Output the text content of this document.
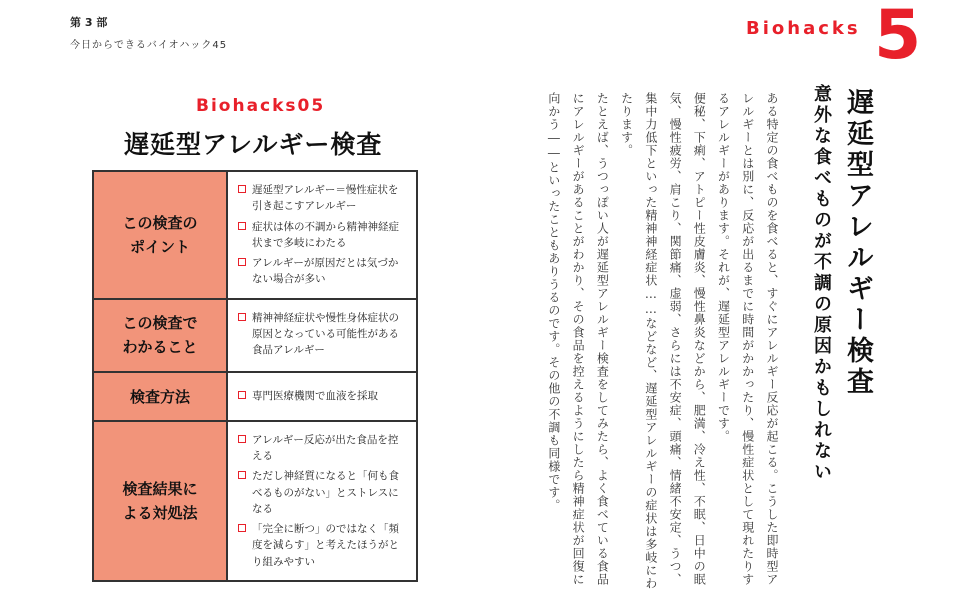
第 3 部
今日からできるバイオハック45
Biohacks 5
Biohacks05
遅延型アレルギー検査
この検査の
ポイント
遅延型アレルギー＝慢性症状を引き起こすアレルギー
症状は体の不調から精神神経症状まで多岐にわたる
アレルギーが原因だとは気づかない場合が多い
この検査で
わかること
精神神経症状や慢性身体症状の原因となっている可能性がある食品アレルギー
検査方法	専門医療機関で血液を採取
検査結果に
よる対処法
アレルギー反応が出た食品を控える
ただし神経質になると「何も食べるものがない」とストレスになる
「完全に断つ」のではなく「頻度を減らす」と考えたほうがとり組みやすい
遅延型アレルギー検査
意外な食べものが不調の原因かもしれない

ある特定の食べものを食べると、すぐにアレルギー反応が起こる。こうした即時型アレルギーとは別に、反応が出るまでに時間がかかったり、慢性症状として現れたりするアレルギーがあります。それが、遅延型アレルギーです。

便秘、下痢、アトピー性皮膚炎、慢性鼻炎などから、肥満、冷え性、不眠、日中の眠気、慢性疲労、肩こり、関節痛、虚弱、さらには不安症、頭痛、情緒不安定、うつ、集中力低下といった精神神経症状……などなど、遅延型アレルギーの症状は多岐にわたります。

たとえば、うつっぽい人が遅延型アレルギー検査をしてみたら、よく食べている食品にアレルギーがあることがわかり、その食品を控えるようにしたら精神症状が回復に向かう――といったこともありうるのです。その他の不調も同様です。
